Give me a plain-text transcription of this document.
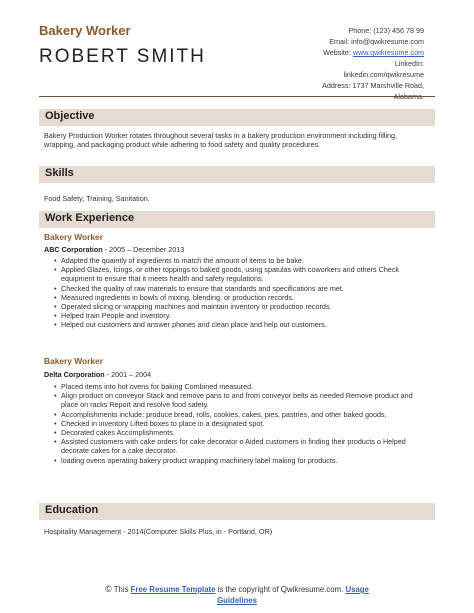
Bakery Worker
ROBERT SMITH
Phone: (123) 456 78 99
Email: info@qwikresume.com
Website: www.qwikresume.com
LinkedIn:
linkedin.com/qwikresume
Address: 1737 Marshville Road,
Alabama.
Objective
Bakery Production Worker rotates throughout several tasks in a bakery production environment including filling, wrapping, and packaging product while adhering to food safety and quality procedures.
Skills
Food Safety, Training, Sanitation.
Work Experience
Bakery Worker
ABC Corporation - 2005 – December 2013
• Adapted the quaintly of ingredients to match the amount of items to be bake.
• Applied Glazes, Icings, or other toppings to baked goods, using spatulas with coworkers and others Check equipment to ensure that it meets health and safety regulations.
• Checked the quality of raw materials to ensure that standards and specifications are met.
• Measured ingredients in bowls of mixing, blending, or production records.
• Operated slicing or wrapping machines and maintain inventory or production records.
• Helped train People and inventory.
• Helped out customers and answer phones and clean place and help out customers.
Bakery Worker
Delta Corporation - 2001 – 2004
• Placed items into hot ovens for baking Combined measured.
• Align product on conveyor Stack and remove pans to and from conveyor belts as needed Remove product and place on racks Report and resolve food safety.
• Accomplishments include: produce bread, rolls, cookies, cakes, pies, pastries, and other baked goods.
• Checked in inventory Lifted boxes to place in a designated spot.
• Decorated cakes Accomplishments.
• Assisted customers with cake orders for cake decorator o Aided customers in finding their products o Helped decorate cakes for a cake decorator.
• loading ovens operating bakery product wrapping machinery label making for products.
Education
Hospitality Management - 2014(Computer Skills Plus, in - Portland, OR)
© This Free Resume Template is the copyright of Qwikresume.com. Usage
Guidelines
